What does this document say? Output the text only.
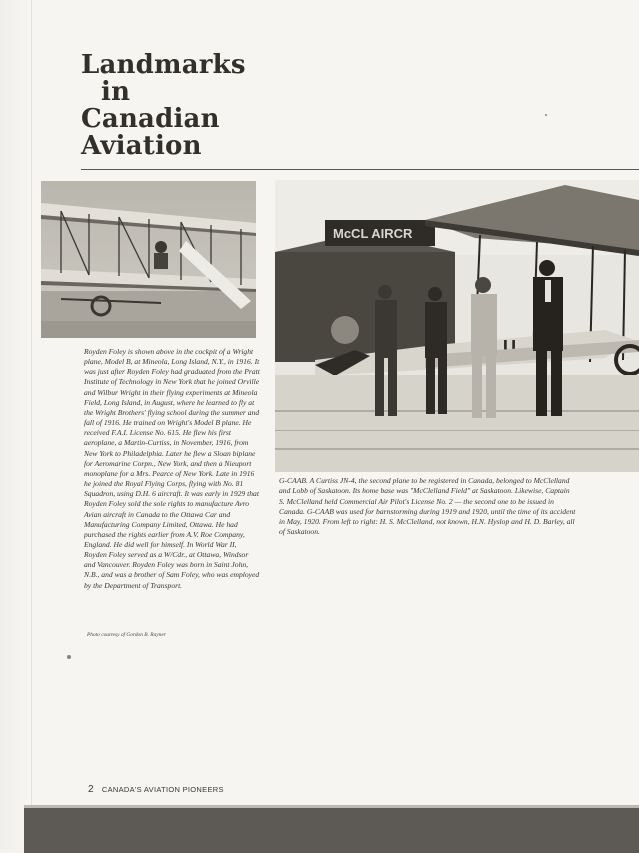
Landmarks
in
Canadian
Aviation
McCL AIRCR
U

Royden Foley is shown above in the cockpit of a Wright plane, Model B, at Mineola, Long Island, N.Y., in 1916. It was just after Royden Foley had graduated from the Pratt Institute of Technology in New York that he joined Orville and Wilbur Wright in their flying experiments at Mineola Field, Long Island, in August, where he learned to fly at the Wright Brothers' flying school during the summer and fall of 1916. He trained on Wright's Model B plane. He received F.A.I. License No. 615. He flew his first aeroplane, a Martin-Curtiss, in November, 1916, from New York to Philadelphia. Later he flew a Sloan biplane for Aeromarine Corpn., New York, and then a Nieuport monoplane for a Mrs. Pearce of New York. Late in 1916 he joined the Royal Flying Corps, flying with No. 81 Squadron, using D.H. 6 aircraft. It was early in 1929 that Royden Foley sold the sole rights to manufacture Avro Avian aircraft in Canada to the Ottawa Car and Manufacturing Company Limited, Ottawa. He had purchased the rights earlier from A.V. Roe Company, England. He did well for himself. In World War II, Royden Foley served as a W/Cdr., at Ottawa, Windsor and Vancouver. Royden Foley was born in Saint John, N.B., and was a brother of Sam Foley, who was employed by the Department of Transport.

Photo courtesy of Gordon B. Rayner
G-CAAB. A Curtiss JN-4, the second plane to be registered in Canada, belonged to McClelland
and Lobb of Saskatoon. Its home base was "McClelland Field" at Saskatoon. Likewise, Captain
S. McClelland held Commercial Air Pilot's License No. 2 — the second one to be issued in
Canada. G-CAAB was used for barnstorming during 1919 and 1920, until the time of its accident
in May, 1920. From left to right: H. S. McClelland, not known, H.N. Hyslop and H. D. Barley, all
of Saskatoon.
2 CANADA'S AVIATION PIONEERS
